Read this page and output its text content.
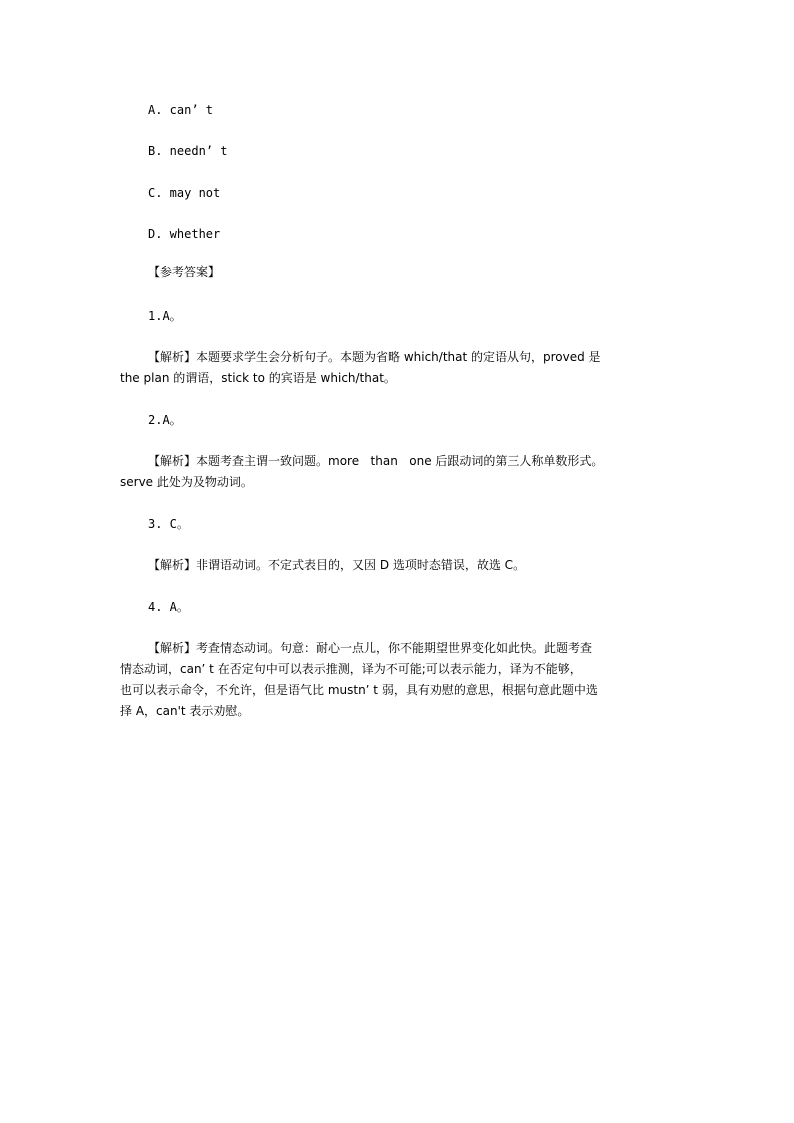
A. can’ t
B. needn’ t
C. may not
D. whether
【参考答案】
1.A。
【解析】本题要求学生会分析句子。本题为省略 which/that 的定语从句，proved 是
the plan 的谓语，stick to 的宾语是 which/that。
2.A。
【解析】本题考查主谓一致问题。more   than   one 后跟动词的第三人称单数形式。
serve 此处为及物动词。
3. C。
【解析】非谓语动词。不定式表目的，又因 D 选项时态错误，故选 C。
4. A。
【解析】考查情态动词。句意：耐心一点儿，你不能期望世界变化如此快。此题考查
情态动词，can’ t 在否定句中可以表示推测，译为不可能;可以表示能力，译为不能够，
也可以表示命令，不允许，但是语气比 mustn’ t 弱，具有劝慰的意思，根据句意此题中选
择 A，can't 表示劝慰。
